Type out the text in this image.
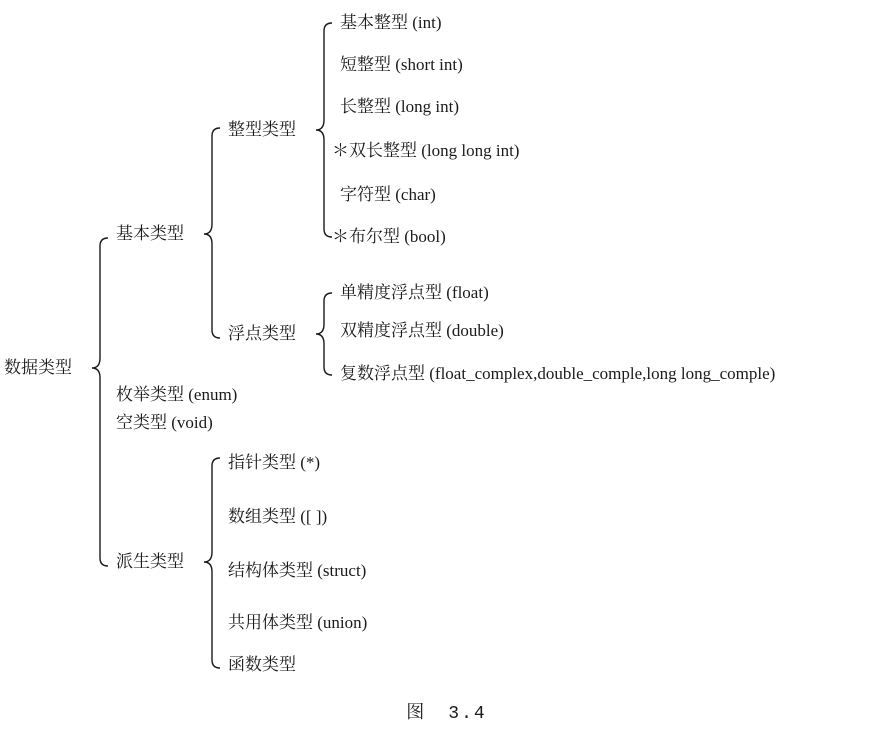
数据类型
基本类型
整型类型
基本整型 (int)
短整型 (short int)
长整型 (long int)
＊双长整型 (long long int)
字符型 (char)
＊布尔型 (bool)
浮点类型
单精度浮点型 (float)
双精度浮点型 (double)
复数浮点型 (float_complex,double_comple,long long_comple)
枚举类型 (enum)
空类型 (void)
派生类型
指针类型 (*)
数组类型 ([ ])
结构体类型 (struct)
共用体类型 (union)
函数类型
图 3.4
